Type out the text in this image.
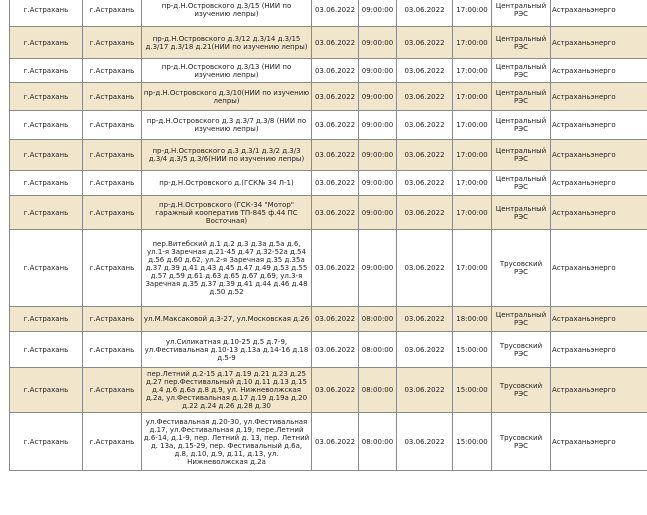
г.Астрахань	г.Астрахань	пр-д.Н.Островского д.3/15 (НИИ по изучению лепры)	03.06.2022	09:00:00	03.06.2022	17:00:00	Центральный РЭС	Астраханьэнерго
г.Астрахань	г.Астрахань	пр-д.Н.Островского д.3/12 д.3/14 д.3/15 д.3/17 д.3/18 д.21(НИИ по изучению лепры)	03.06.2022	09:00:00	03.06.2022	17:00:00	Центральный РЭС	Астраханьэнерго
г.Астрахань	г.Астрахань	пр-д.Н.Островского д.3/13 (НИИ по изучению лепры)	03.06.2022	09:00:00	03.06.2022	17:00:00	Центральный РЭС	Астраханьэнерго
г.Астрахань	г.Астрахань	пр-д.Н.Островского д.3/10(НИИ по изучению лепры)	03.06.2022	09:00:00	03.06.2022	17:00:00	Центральный РЭС	Астраханьэнерго
г.Астрахань	г.Астрахань	пр-д.Н.Островского д.3 д.3/7 д.3/8 (НИИ по изучению лепры)	03.06.2022	09:00:00	03.06.2022	17:00:00	Центральный РЭС	Астраханьэнерго
г.Астрахань	г.Астрахань	пр-д.Н.Островского д.3 д.3/1 д.3/2 д.3/3 д.3/4 д.3/5 д.3/6(НИИ по изучению лепры)	03.06.2022	09:00:00	03.06.2022	17:00:00	Центральный РЭС	Астраханьэнерго
г.Астрахань	г.Астрахань	пр-д.Н.Островского д.(ГСК№ 34 Л-1)	03.06.2022	09:00:00	03.06.2022	17:00:00	Центральный РЭС	Астраханьэнерго
г.Астрахань	г.Астрахань	пр-д.Н.Островского (ГСК-34 "Мотор" гаражный кооператив ТП-845 ф.44 ПС Восточная)	03.06.2022	09:00:00	03.06.2022	17:00:00	Центральный РЭС	Астраханьэнерго
г.Астрахань	г.Астрахань	пер.Витебский д.1 д.2 д.3 д.3а д.5а д.6, ул.1-я Заречная д.21-45 д.47 д.32-52а д.54 д.56 д.60 д.62, ул.2-я Заречная д.35 д.35а д.37 д.39 д.41 д.43 д.45 д.47 д.49 д.53 д.55 д.57 д.59 д.61 д.63 д.65 д.67 д.69, ул.3-я Заречная д.35 д.37 д.39 д.41 д.44 д.46 д.48 д.50 д.52	03.06.2022	09:00:00	03.06.2022	17:00:00	Трусовский РЭС	Астраханьэнерго
г.Астрахань	г.Астрахань	ул.М.Максаковой д.3-27, ул.Московская д.26	03.06.2022	08:00:00	03.06.2022	18:00:00	Центральный РЭС	Астраханьэнерго
г.Астрахань	г.Астрахань	ул.Силикатная д.10-25 д.5 д.7-9, ул.Фестивальная д.10-13 д.13а д.14-16 д.18 д.5-9	03.06.2022	08:00:00	03.06.2022	15:00:00	Трусовский РЭС	Астраханьэнерго
г.Астрахань	г.Астрахань	пер.Летний д.2-15 д.17 д.19 д.21 д.23 д.25 д.27 пер.Фестивальный д.10 д.11 д.13 д.15 д.4 д.6 д.6а д.8 д.9, ул. Нижневолжская д.2а, ул.Фестивальная д.17 д.19 д.19а д.20 д.22 д.24 д.26 д.28 д.30	03.06.2022	08:00:00	03.06.2022	15:00:00	Трусовский РЭС	Астраханьэнерго
г.Астрахань	г.Астрахань	ул.Фестивальная д.20-30, ул.Фестивальная д.17, ул.Фестивальная д.19, пере.Летний д.6-14, д.1-9, пер. Летний д. 13, пер. Летний д. 13а, д.15-29, пер. Фестивальный д.6а, д.8, д.10, д.9, д.11, д.13, ул. Нижневолжская д.2а	03.06.2022	08:00:00	03.06.2022	15:00:00	Трусовский РЭС	Астраханьэнерго
